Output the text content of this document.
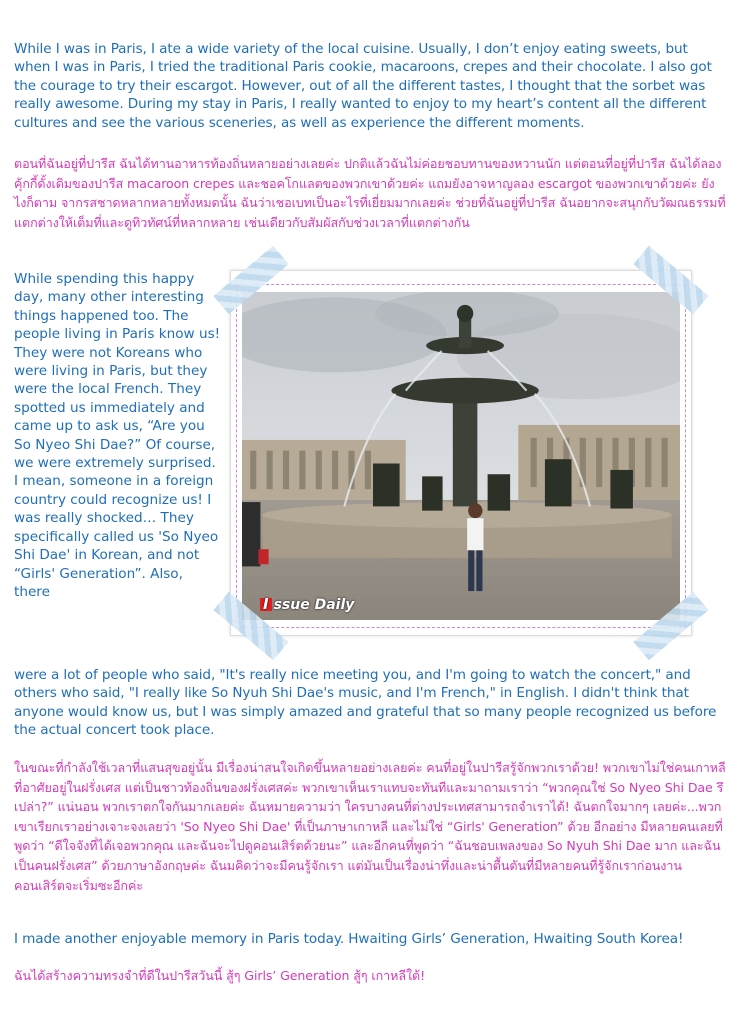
While I was in Paris, I ate a wide variety of the local cuisine. Usually, I don’t enjoy eating sweets, but when I was in Paris, I tried the traditional Paris cookie, macaroons, crepes and their chocolate. I also got the courage to try their escargot. However, out of all the different tastes, I thought that the sorbet was really awesome. During my stay in Paris, I really wanted to enjoy to my heart’s content all the different cultures and see the various sceneries, as well as experience the different moments.

ตอนที่ฉันอยู่ที่ปารีส ฉันได้ทานอาหารท้องถิ่นหลายอย่างเลยค่ะ ปกติแล้วฉันไม่ค่อยชอบทานของหวานนัก แต่ตอนที่อยู่ที่ปารีส ฉันได้ลองคุ้กกี้ดั้งเดิมของปารีส macaroon crepes และชอคโกแลตของพวกเขาด้วยค่ะ แถมยังอาจหาญลอง escargot ของพวกเขาด้วยค่ะ ยังไงก็ตาม จากรสชาดหลากหลายทั้งหมดนั้น ฉันว่าเชอเบทเป็นอะไรที่เยี่ยมมากเลยค่ะ ช่วยที่ฉันอยู่ที่ปารีส ฉันอยากจะสนุกกับวัฒณธรรมที่แตกต่างให้เต็มที่และดูทิวทัศน์ที่หลากหลาย เช่นเดียวกับสัมผัสกับช่วงเวลาที่แตกต่างกัน

While spending this happy day, many other interesting things happened too. The people living in Paris know us! They were not Koreans who were living in Paris, but they were the local French. They spotted us immediately and came up to ask us, “Are you So Nyeo Shi Dae?” Of course, we were extremely surprised. I mean, someone in a foreign country could recognize us! I was really shocked… They specifically called us 'So Nyeo Shi Dae' in Korean, and not “Girls' Generation”. Also, there

I ssue Daily

were a lot of people who said, "It's really nice meeting you, and I'm going to watch the concert," and others who said, "I really like So Nyuh Shi Dae's music, and I'm French," in English. I didn't think that anyone would know us, but I was simply amazed and grateful that so many people recognized us before the actual concert took place.

ในขณะที่กำลังใช้เวลาที่แสนสุขอยู่นั้น มีเรื่องน่าสนใจเกิดขึ้นหลายอย่างเลยค่ะ คนที่อยู่ในปารีสรู้จักพวกเราด้วย! พวกเขาไม่ใช่คนเกาหลีที่อาศัยอยู่ในฝรั่งเศส แต่เป็นชาวท้องถิ่นของฝรั่งเศสค่ะ พวกเขาเห็นเราแทบจะทันทีและมาถามเราว่า “พวกคุณใช่ So Nyeo Shi Dae รึเปล่า?” แน่นอน พวกเราตกใจกันมากเลยค่ะ ฉันหมายความว่า ใครบางคนที่ต่างประเทศสามารถจำเราได้! ฉันตกใจมากๆ เลยค่ะ...พวกเขาเรียกเราอย่างเจาะจงเลยว่า 'So Nyeo Shi Dae' ที่เป็นภาษาเกาหลี และไม่ใช่ “Girls' Generation” ด้วย อีกอย่าง มีหลายคนเลยที่พูดว่า “ดีใจจังที่ได้เจอพวกคุณ และฉันจะไปดูคอนเสิร์ตด้วยนะ” และอีกคนที่พูดว่า “ฉันชอบเพลงของ So Nyuh Shi Dae มาก และฉันเป็นคนฝรั่งเศส” ด้วยภาษาอังกฤษค่ะ ฉันมคิดว่าจะมีคนรู้จักเรา แต่มันเป็นเรื่องน่าทึ่งและน่าตื้นตันที่มีหลายคนที่รู้จักเราก่อนงานคอนเสิร์ตจะเริ่มซะอีกค่ะ

I made another enjoyable memory in Paris today. Hwaiting Girls’ Generation, Hwaiting South Korea!

ฉันได้สร้างความทรงจำที่ดีในปารีสวันนี้ สู้ๆ Girls’ Generation สู้ๆ เกาหลีใต้!
